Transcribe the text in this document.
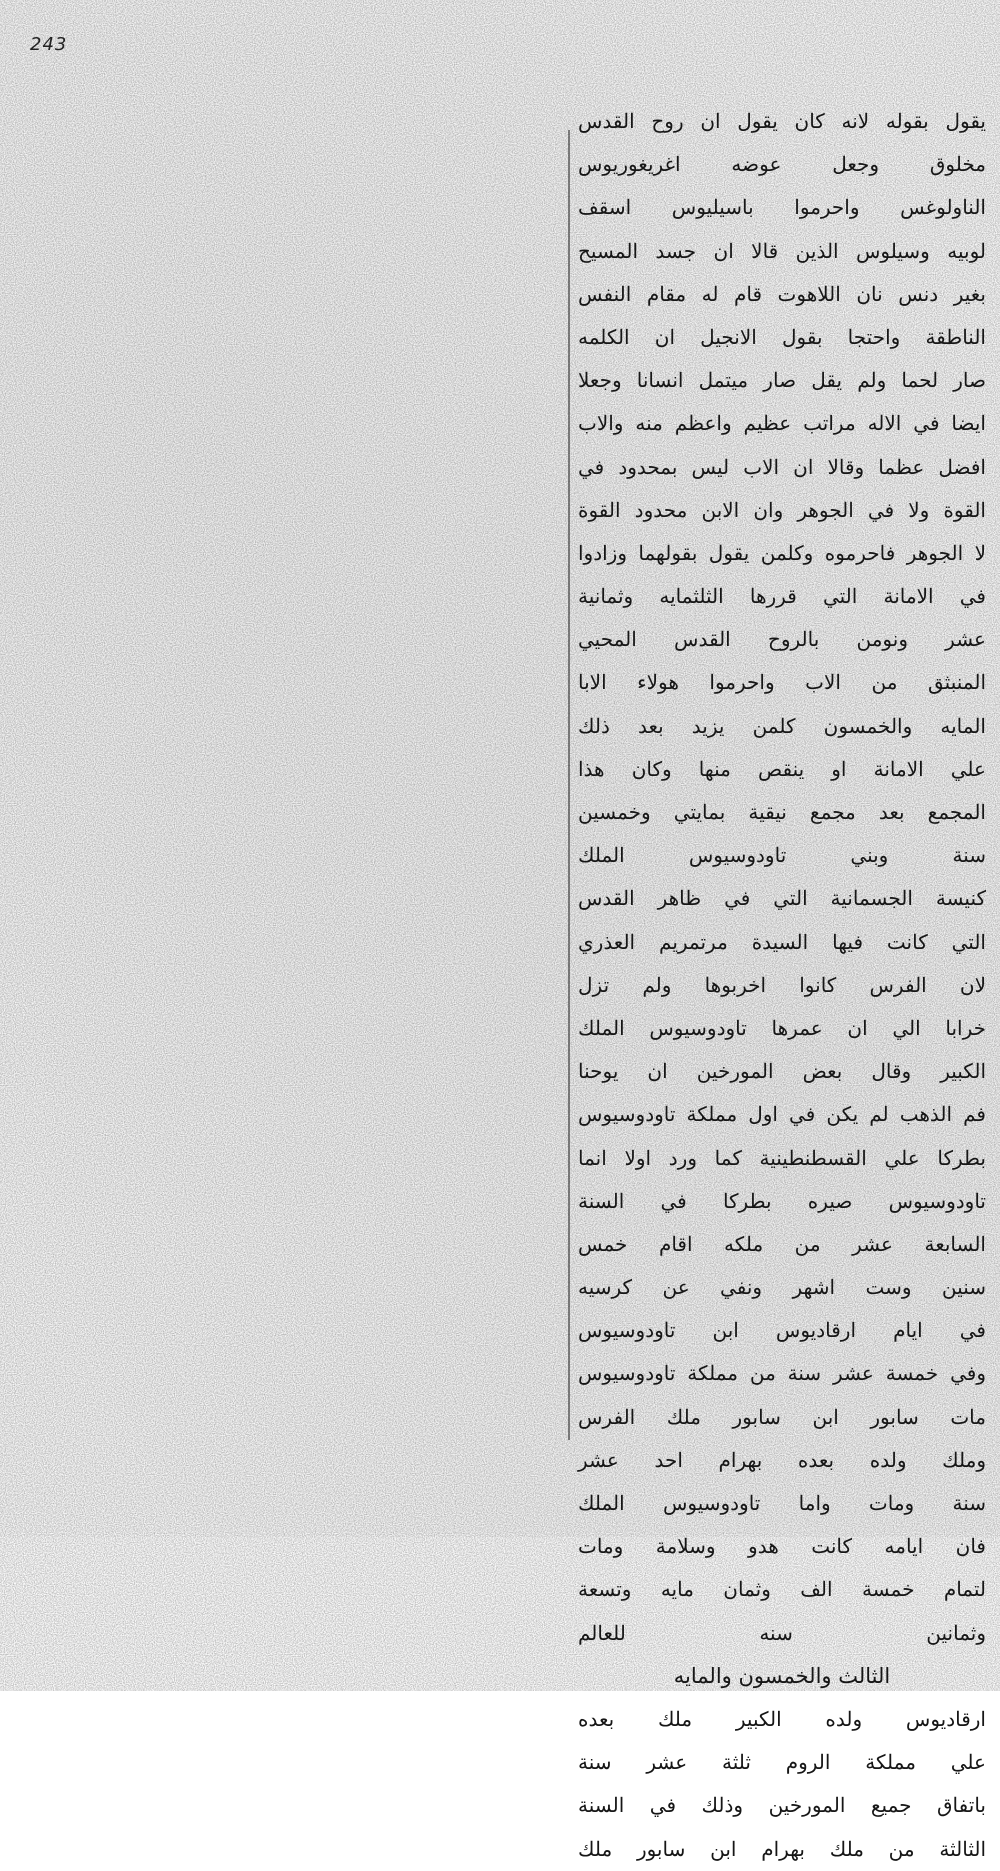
243
يقول بقوله لانه كان يقول ان روح القدس
مخلوق وجعل عوضه اغريغوريوس
الناولوغس واحرموا باسيليوس اسقف
لوبيه وسيلوس الذين قالا ان جسد المسيح
بغير دنس نان اللاهوت قام له مقام النفس
الناطقة واحتجا بقول الانجيل ان الكلمه
صار لحما ولم يقل صار ميتمل انسانا وجعلا
ايضا في الاله مراتب عظيم واعظم منه والاب
افضل عظما وقالا ان الاب ليس بمحدود في
القوة ولا في الجوهر وان الابن محدود القوة
لا الجوهر فاحرموه وكلمن يقول بقولهما وزادوا
في الامانة التي قررها الثلثمايه وثمانية
عشر ونومن بالروح القدس المحيي
المنبثق من الاب واحرموا هولاء الابا
المايه والخمسون كلمن يزيد بعد ذلك
علي الامانة او ينقص منها وكان هذا
المجمع بعد مجمع نيقية بمايتي وخمسين
سنة وبني تاودوسيوس الملك
كنيسة الجسمانية التي في ظاهر القدس
التي كانت فيها السيدة مرتمريم العذري
لان الفرس كانوا اخربوها ولم تزل
خرابا الي ان عمرها تاودوسيوس الملك
الكبير وقال بعض المورخين ان يوحنا
فم الذهب لم يكن في اول مملكة تاودوسيوس
بطركا علي القسطنطينية كما ورد اولا انما
تاودوسيوس صيره بطركا في السنة
السابعة عشر من ملكه اقام خمس
سنين وست اشهر ونفي عن كرسيه
في ايام ارقاديوس ابن تاودوسيوس
وفي خمسة عشر سنة من مملكة تاودوسيوس
مات سابور ابن سابور ملك الفرس
وملك ولده بعده بهرام احد عشر
سنة ومات واما تاودوسيوس الملك
فان ايامه كانت هدو وسلامة ومات
لتمام خمسة الف وثمان مايه وتسعة
وثمانين سنه للعالم
الثالث والخمسون والمايه
ارقاديوس ولده الكبير ملك بعده
علي مملكة الروم ثلثة عشر سنة
باتفاق جميع المورخين وذلك في السنة
الثالثة من ملك بهرام ابن سابور ملك
